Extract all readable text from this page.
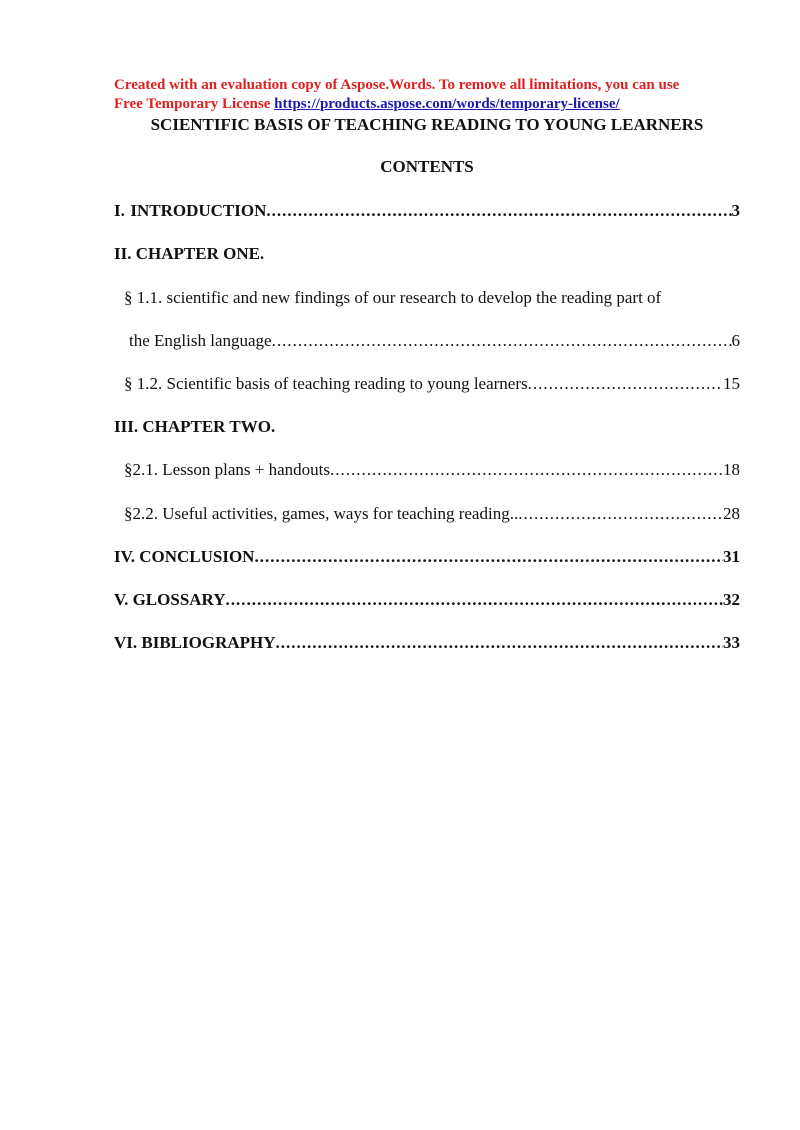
Created with an evaluation copy of Aspose.Words. To remove all limitations, you can use
Free Temporary License https://products.aspose.com/words/temporary-license/
SCIENTIFIC BASIS OF TEACHING READING TO YOUNG LEARNERS
CONTENTS
I. INTRODUCTION .....	3
II. CHAPTER ONE.
§ 1.1. scientific and new findings of our research to develop the reading part of
the English language .....	6
§ 1.2. Scientific basis of teaching reading to young learners .....	15
III. CHAPTER TWO.
§2.1. Lesson plans + handouts .....	18
§2.2. Useful activities, games, ways for teaching reading.. .....	28
IV. CONCLUSION .....	31
V. GLOSSARY .....	32
VI. BIBLIOGRAPHY .....	33
